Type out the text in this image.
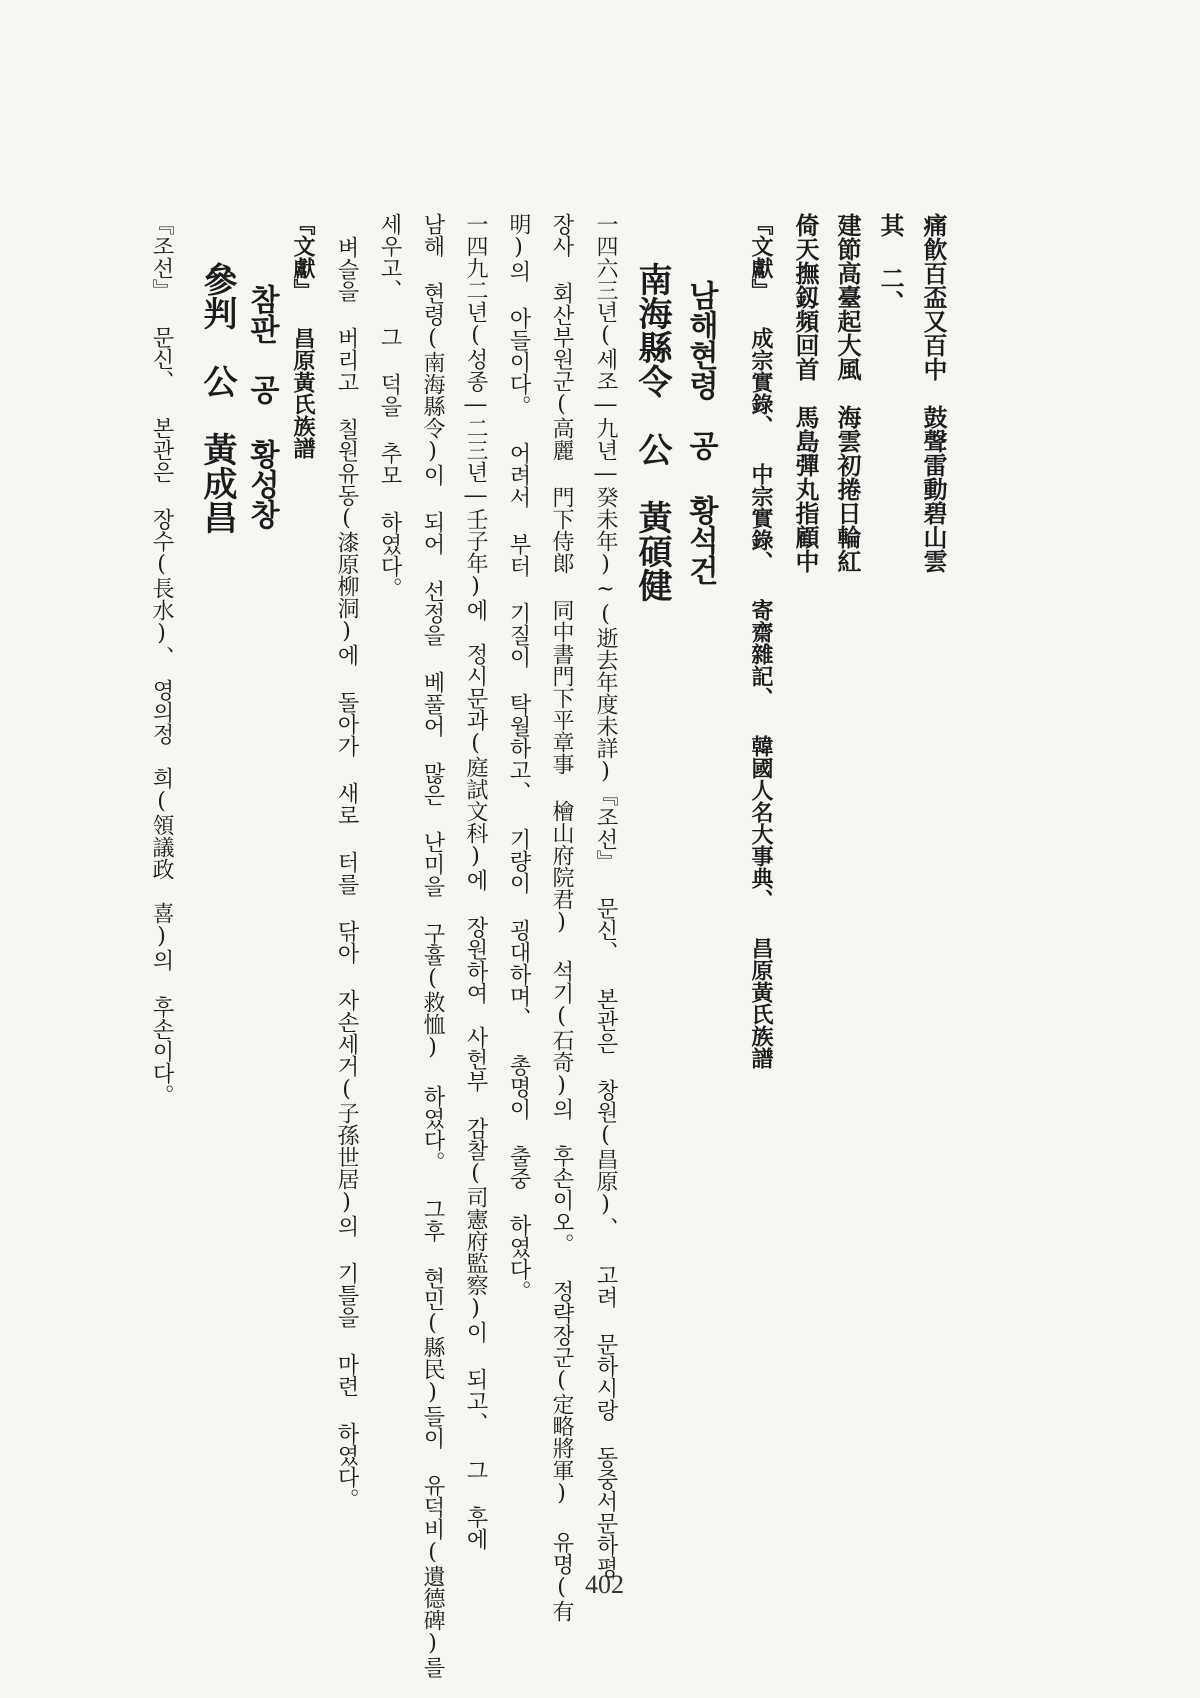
痛飮百盃又百中　鼓聲雷動碧山雲
其 二、
建節高臺起大風　海雲初捲日輪紅
倚天撫釼頻回首　馬島彈丸指顧中
『文獻』 成宗實錄、 中宗實錄、 寄齋雜記、 韓國人名大事典、 昌原黃氏族譜
남해현령　공 황석건
南海縣令　公　黃碩健
一四六三년(세조―九년―癸未年)~(逝去年度未詳)『조선』 문신、 본관은 창원(昌原)、 고려 문하시랑 동중서문하평
장사 회산부원군(高麗 門下侍郞 同中書門下平章事 檜山府院君) 석기(石奇)의 후손이오。 정략장군(定略將軍) 유명(有
明)의 아들이다。 어려서 부터 기질이 탁월하고、 기량이 굉대하며、 총명이 출중 하였다。
一四九二년(성종―二三년―壬子年)에　정시문과(庭試文科)에 장원하여　사헌부 감찰(司憲府監察)이 되고、 그 후에
남해 현령(南海縣令)이 되어 선정을 베풀어 많은 난미을 구휼(救恤) 하였다。 그후 현민(縣民)들이 유덕비(遺德碑)를
세우고、 그 덕을 추모 하였다。
벼슬을 버리고 칠원유동(漆原柳洞)에 돌아가 새로 터를 닦아 자손세거(子孫世居)의 기틀을 마련 하였다。
『文獻』 昌原黃氏族譜
참판　공 황성창
參判　公　黃成昌
『조선』 문신、 본관은 장수(長水)、　영의정　희(領議政　喜)의 후손이다。
402
